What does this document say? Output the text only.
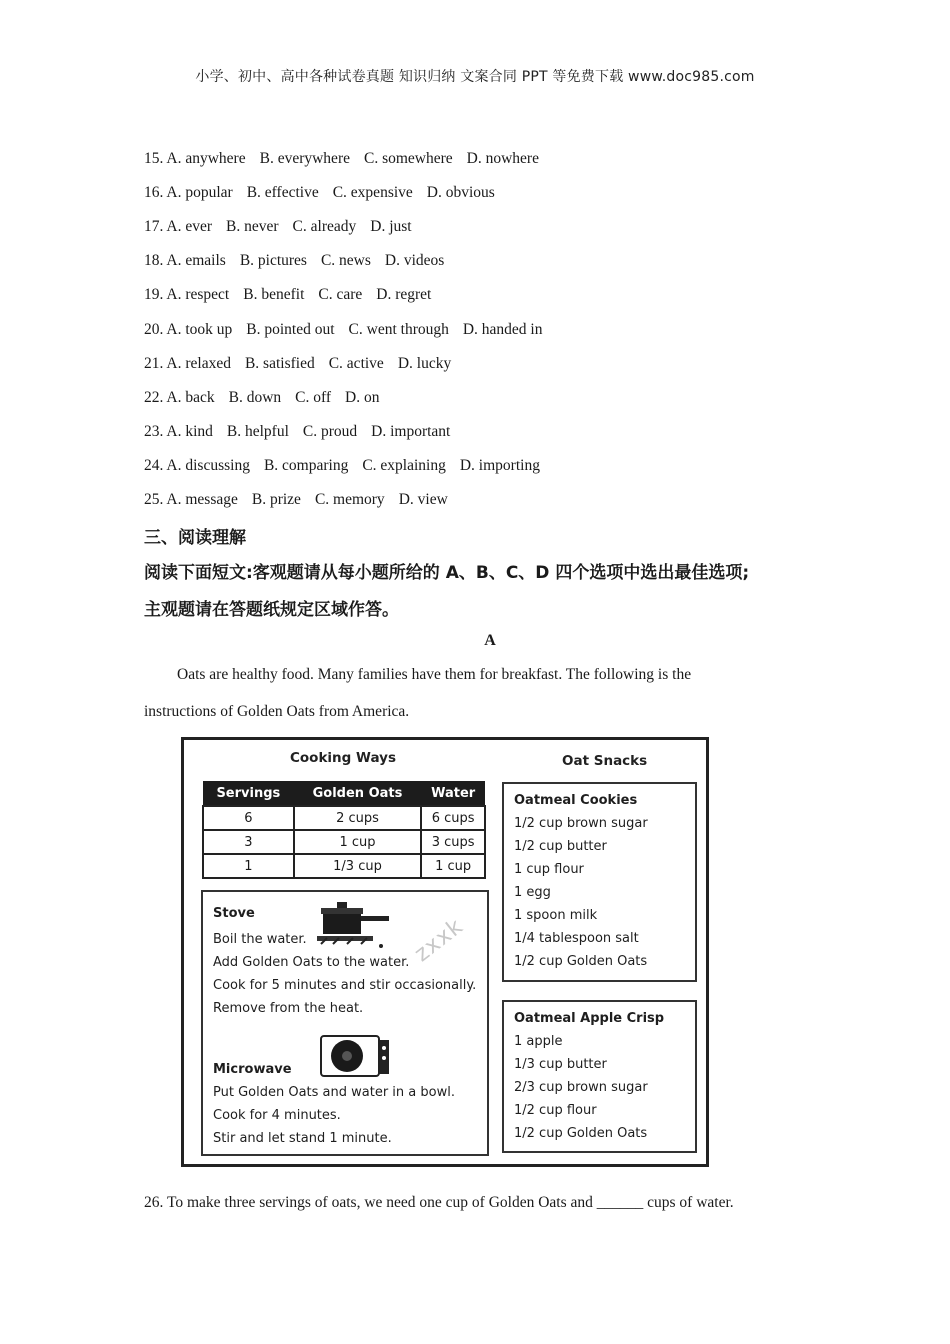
小学、初中、高中各种试卷真题 知识归纳 文案合同 PPT 等免费下载 www.doc985.com
15. A. anywhere B. everywhere C. somewhere D. nowhere
16. A. popular B. effective C. expensive D. obvious
17. A. ever B. never C. already D. just
18. A. emails B. pictures C. news D. videos
19. A. respect B. benefit C. care D. regret
20. A. took up B. pointed out C. went through D. handed in
21. A. relaxed B. satisfied C. active D. lucky
22. A. back B. down C. off D. on
23. A. kind B. helpful C. proud D. important
24. A. discussing B. comparing C. explaining D. importing
25. A. message B. prize C. memory D. view
三、阅读理解
阅读下面短文:客观题请从每小题所给的 A、B、C、D 四个选项中选出最佳选项;
主观题请在答题纸规定区域作答。
A
Oats are healthy food. Many families have them for breakfast. The following is the
instructions of Golden Oats from America.
Cooking Ways	Oat Snacks
Servings	Golden Oats	Water
6	2 cups	6 cups
3	1 cup	3 cups
1	1/3 cup	1 cup
Stove
Boil the water.
Add Golden Oats to the water.
Cook for 5 minutes and stir occasionally.
Remove from the heat.
Microwave
Put Golden Oats and water in a bowl.
Cook for 4 minutes.
Stir and let stand 1 minute.
zxxk
Oatmeal Cookies
1/2 cup brown sugar
1/2 cup butter
1 cup flour
1 egg
1 spoon milk
1/4 tablespoon salt
1/2 cup Golden Oats
Oatmeal Apple Crisp
1 apple
1/3 cup butter
2/3 cup brown sugar
1/2 cup flour
1/2 cup Golden Oats
26. To make three servings of oats, we need one cup of Golden Oats and ______ cups of water.
